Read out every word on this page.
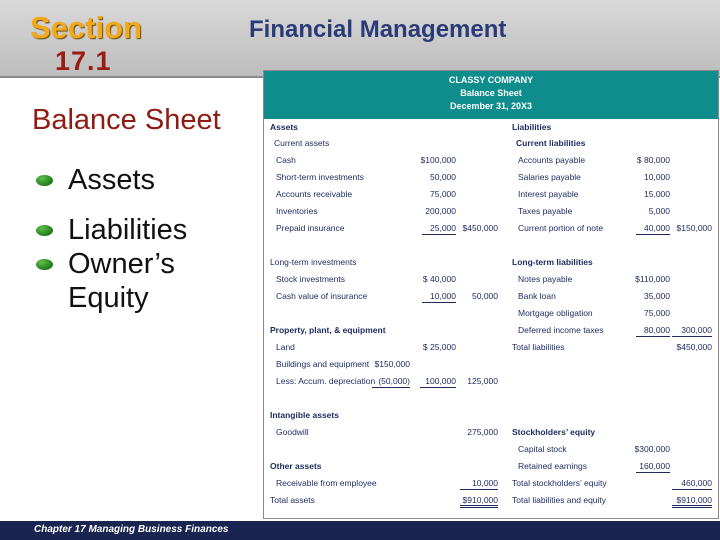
Section
17.1
Financial Management
Balance Sheet
Assets
Liabilities
Owner’s Equity
CLASSY COMPANY
Balance Sheet
December 31, 20X3
Assets
Current assets
Cash	$100,000
Short-term investments	50,000
Accounts receivable	75,000
Inventories	200,000
Prepaid insurance	25,000 $450,000
Long-term investments
Stock investments	$ 40,000
Cash value of insurance	10,000	50,000
Property, plant, & equipment
Land	$ 25,000
Buildings and equipment $150,000
Less: Accum. depreciation (50,000)	100,000	125,000
Intangible assets
Goodwill	275,000
Other assets
Receivable from employee	10,000
Total assets	$910,000
Liabilities
Current liabilities
Accounts payable	$ 80,000
Salaries payable	10,000
Interest payable	15,000
Taxes payable	5,000
Current portion of note	40,000 $150,000
Long-term liabilities
Notes payable	$110,000
Bank loan	35,000
Mortgage obligation	75,000
Deferred income taxes	80,000	300,000
Total liabilities	$450,000
Stockholders’ equity
Capital stock	$300,000
Retained earnings	160,000
Total stockholders’ equity	460,000
Total liabilities and equity	$910,000
Chapter 17 Managing Business Finances
